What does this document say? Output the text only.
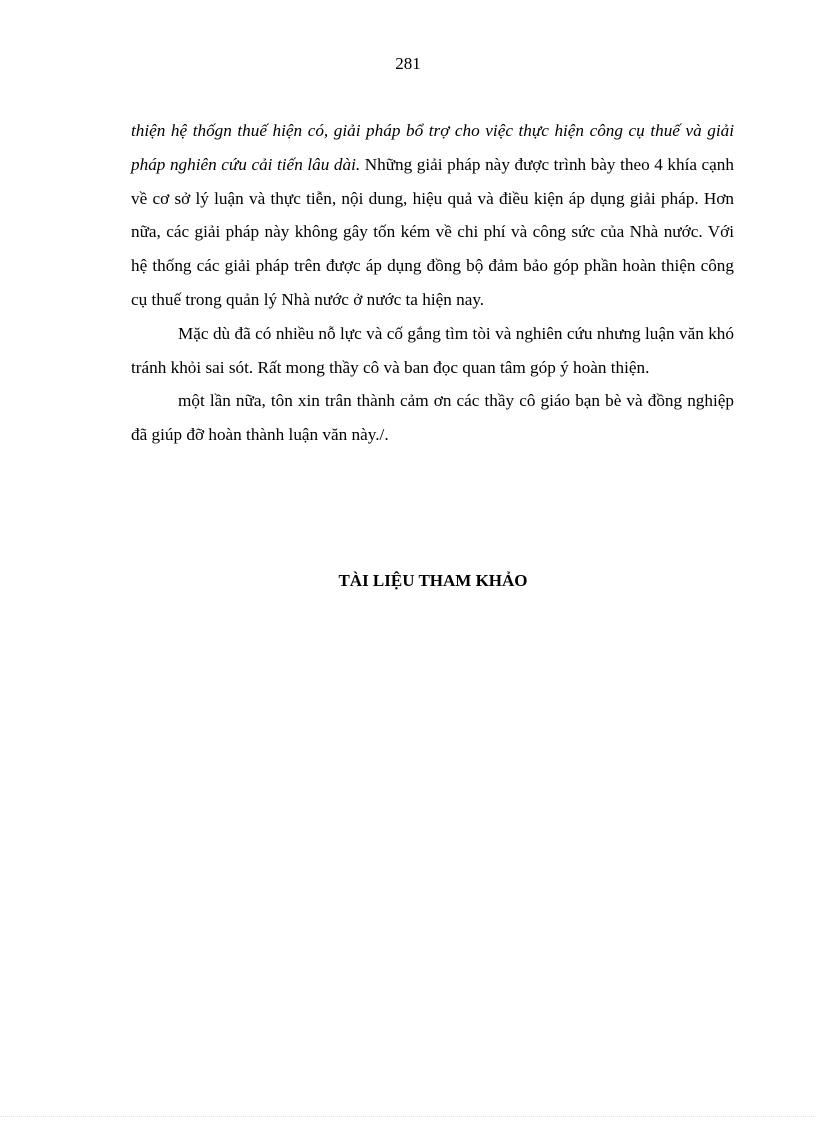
281

thiện hệ thốgn thuế hiện có, giải pháp bổ trợ cho việc thực hiện công cụ thuế và giải pháp nghiên cứu cải tiến lâu dài. Những giải pháp này được trình bày theo 4 khía cạnh về cơ sở lý luận và thực tiễn, nội dung, hiệu quả và điều kiện áp dụng giải pháp. Hơn nữa, các giải pháp này không gây tốn kém về chi phí và công sức của Nhà nước. Với hệ thống các giải pháp trên được áp dụng đồng bộ đảm bảo góp phần hoàn thiện công cụ thuế trong quản lý Nhà nước ở nước ta hiện nay.

Mặc dù đã có nhiều nỗ lực và cố gắng tìm tòi và nghiên cứu nhưng luận văn khó tránh khỏi sai sót. Rất mong thầy cô và ban đọc quan tâm góp ý hoàn thiện.

một lần nữa, tôn xin trân thành cảm ơn các thầy cô giáo bạn bè và đồng nghiệp đã giúp đỡ hoàn thành luận văn này./.

TÀI LIỆU THAM KHẢO
